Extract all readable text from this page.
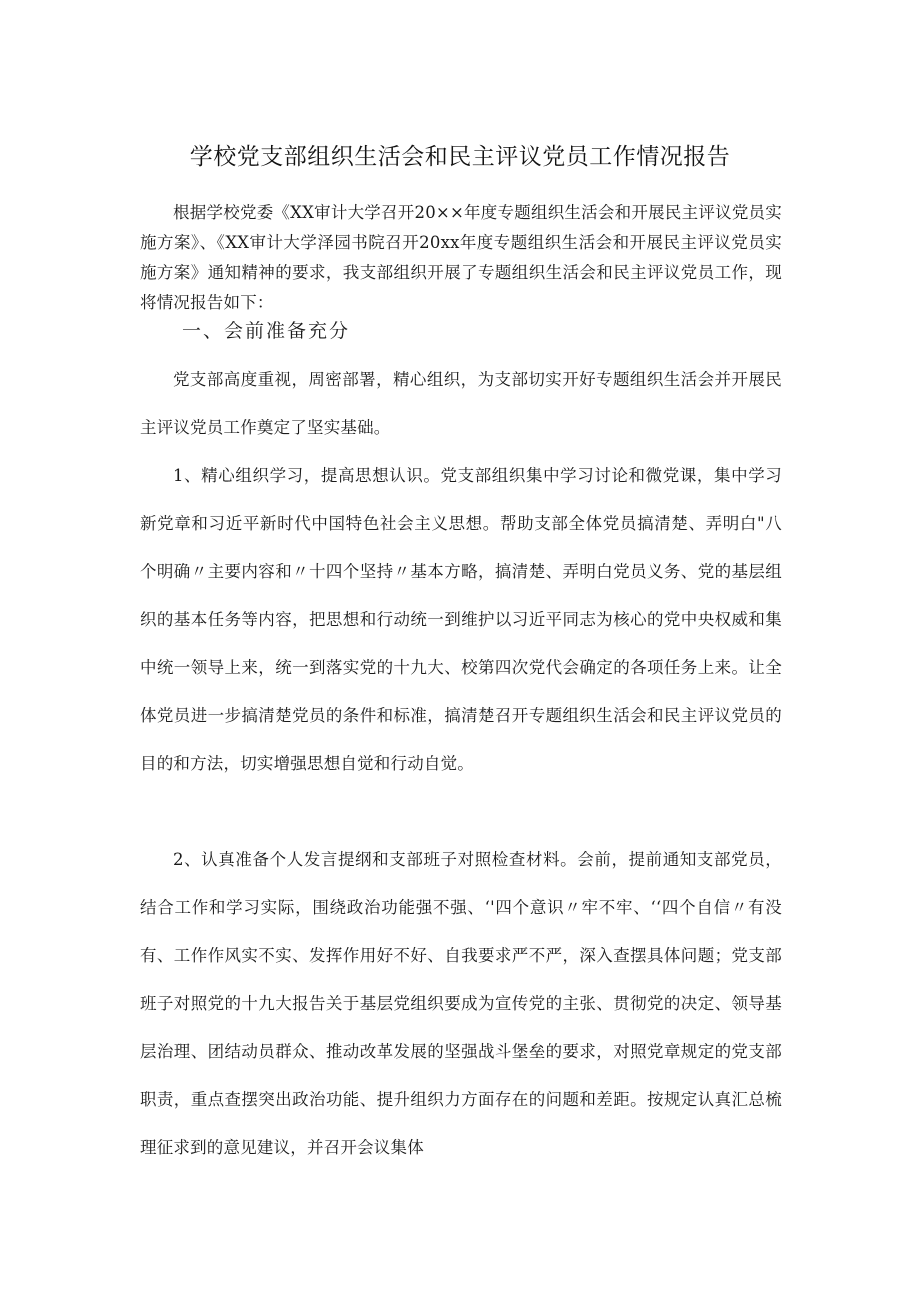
学校党支部组织生活会和民主评议党员工作情况报告

根据学校党委《XX审计大学召开20××年度专题组织生活会和开展民主评议党员实施方案》、《XX审计大学泽园书院召开20xx年度专题组织生活会和开展民主评议党员实施方案》通知精神的要求，我支部组织开展了专题组织生活会和民主评议党员工作，现将情况报告如下：

一、会前准备充分

党支部高度重视，周密部署，精心组织，为支部切实开好专题组织生活会并开展民主评议党员工作奠定了坚实基础。

1、精心组织学习，提高思想认识。党支部组织集中学习讨论和微党课，集中学习新党章和习近平新时代中国特色社会主义思想。帮助支部全体党员搞清楚、弄明白"八个明确〃主要内容和〃十四个坚持〃基本方略，搞清楚、弄明白党员义务、党的基层组织的基本任务等内容，把思想和行动统一到维护以习近平同志为核心的党中央权威和集中统一领导上来，统一到落实党的十九大、校第四次党代会确定的各项任务上来。让全体党员进一步搞清楚党员的条件和标准，搞清楚召开专题组织生活会和民主评议党员的目的和方法，切实增强思想自觉和行动自觉。

2、认真准备个人发言提纲和支部班子对照检查材料。会前，提前通知支部党员，结合工作和学习实际，围绕政治功能强不强、‘'四个意识〃牢不牢、‘‘四个自信〃有没有、工作作风实不实、发挥作用好不好、自我要求严不严，深入查摆具体问题；党支部班子对照党的十九大报告关于基层党组织要成为宣传党的主张、贯彻党的决定、领导基层治理、团结动员群众、推动改革发展的坚强战斗堡垒的要求，对照党章规定的党支部职责，重点查摆突出政治功能、提升组织力方面存在的问题和差距。按规定认真汇总梳理征求到的意见建议，并召开会议集体
